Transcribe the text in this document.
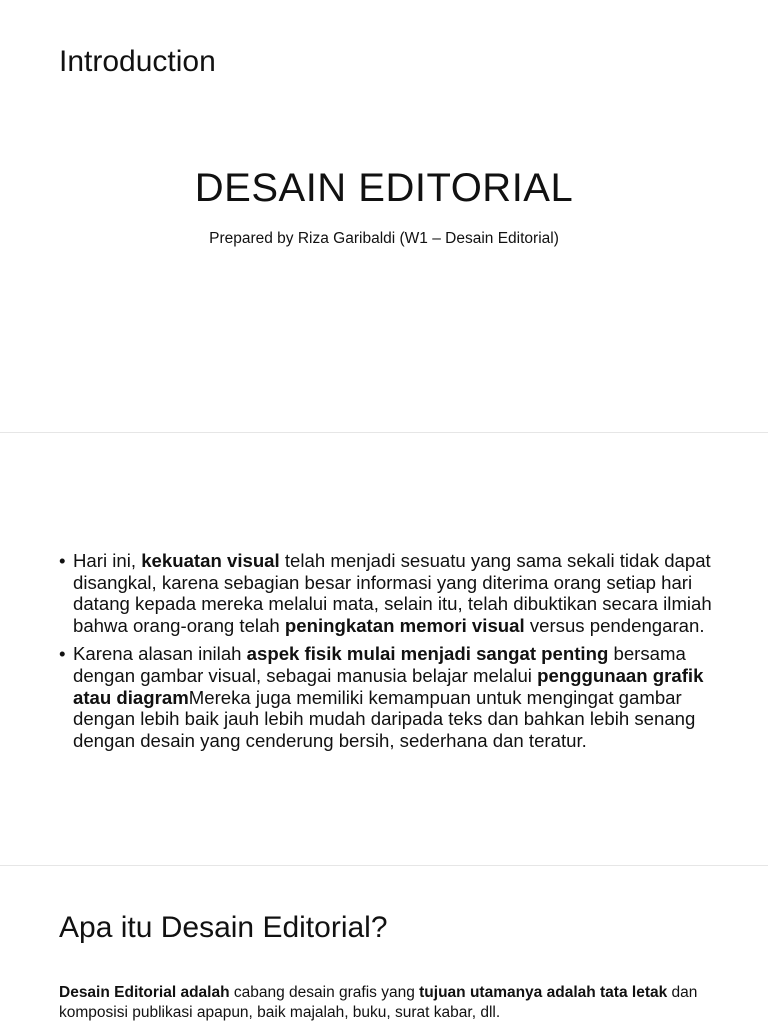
DESAIN EDITORIAL
Prepared by Riza Garibaldi (W1 – Desain Editorial)
Introduction
• Hari ini, kekuatan visual telah menjadi sesuatu yang sama sekali tidak dapat disangkal, karena sebagian besar informasi yang diterima orang setiap hari datang kepada mereka melalui mata, selain itu, telah dibuktikan secara ilmiah bahwa orang-orang telah peningkatan memori visual versus pendengaran.
• Karena alasan inilah aspek fisik mulai menjadi sangat penting bersama dengan gambar visual, sebagai manusia belajar melalui penggunaan grafik atau diagramMereka juga memiliki kemampuan untuk mengingat gambar dengan lebih baik jauh lebih mudah daripada teks dan bahkan lebih senang dengan desain yang cenderung bersih, sederhana dan teratur.
Apa itu Desain Editorial?
Desain Editorial adalah cabang desain grafis yang tujuan utamanya adalah tata letak dan komposisi publikasi apapun, baik majalah, buku, surat kabar, dll.
